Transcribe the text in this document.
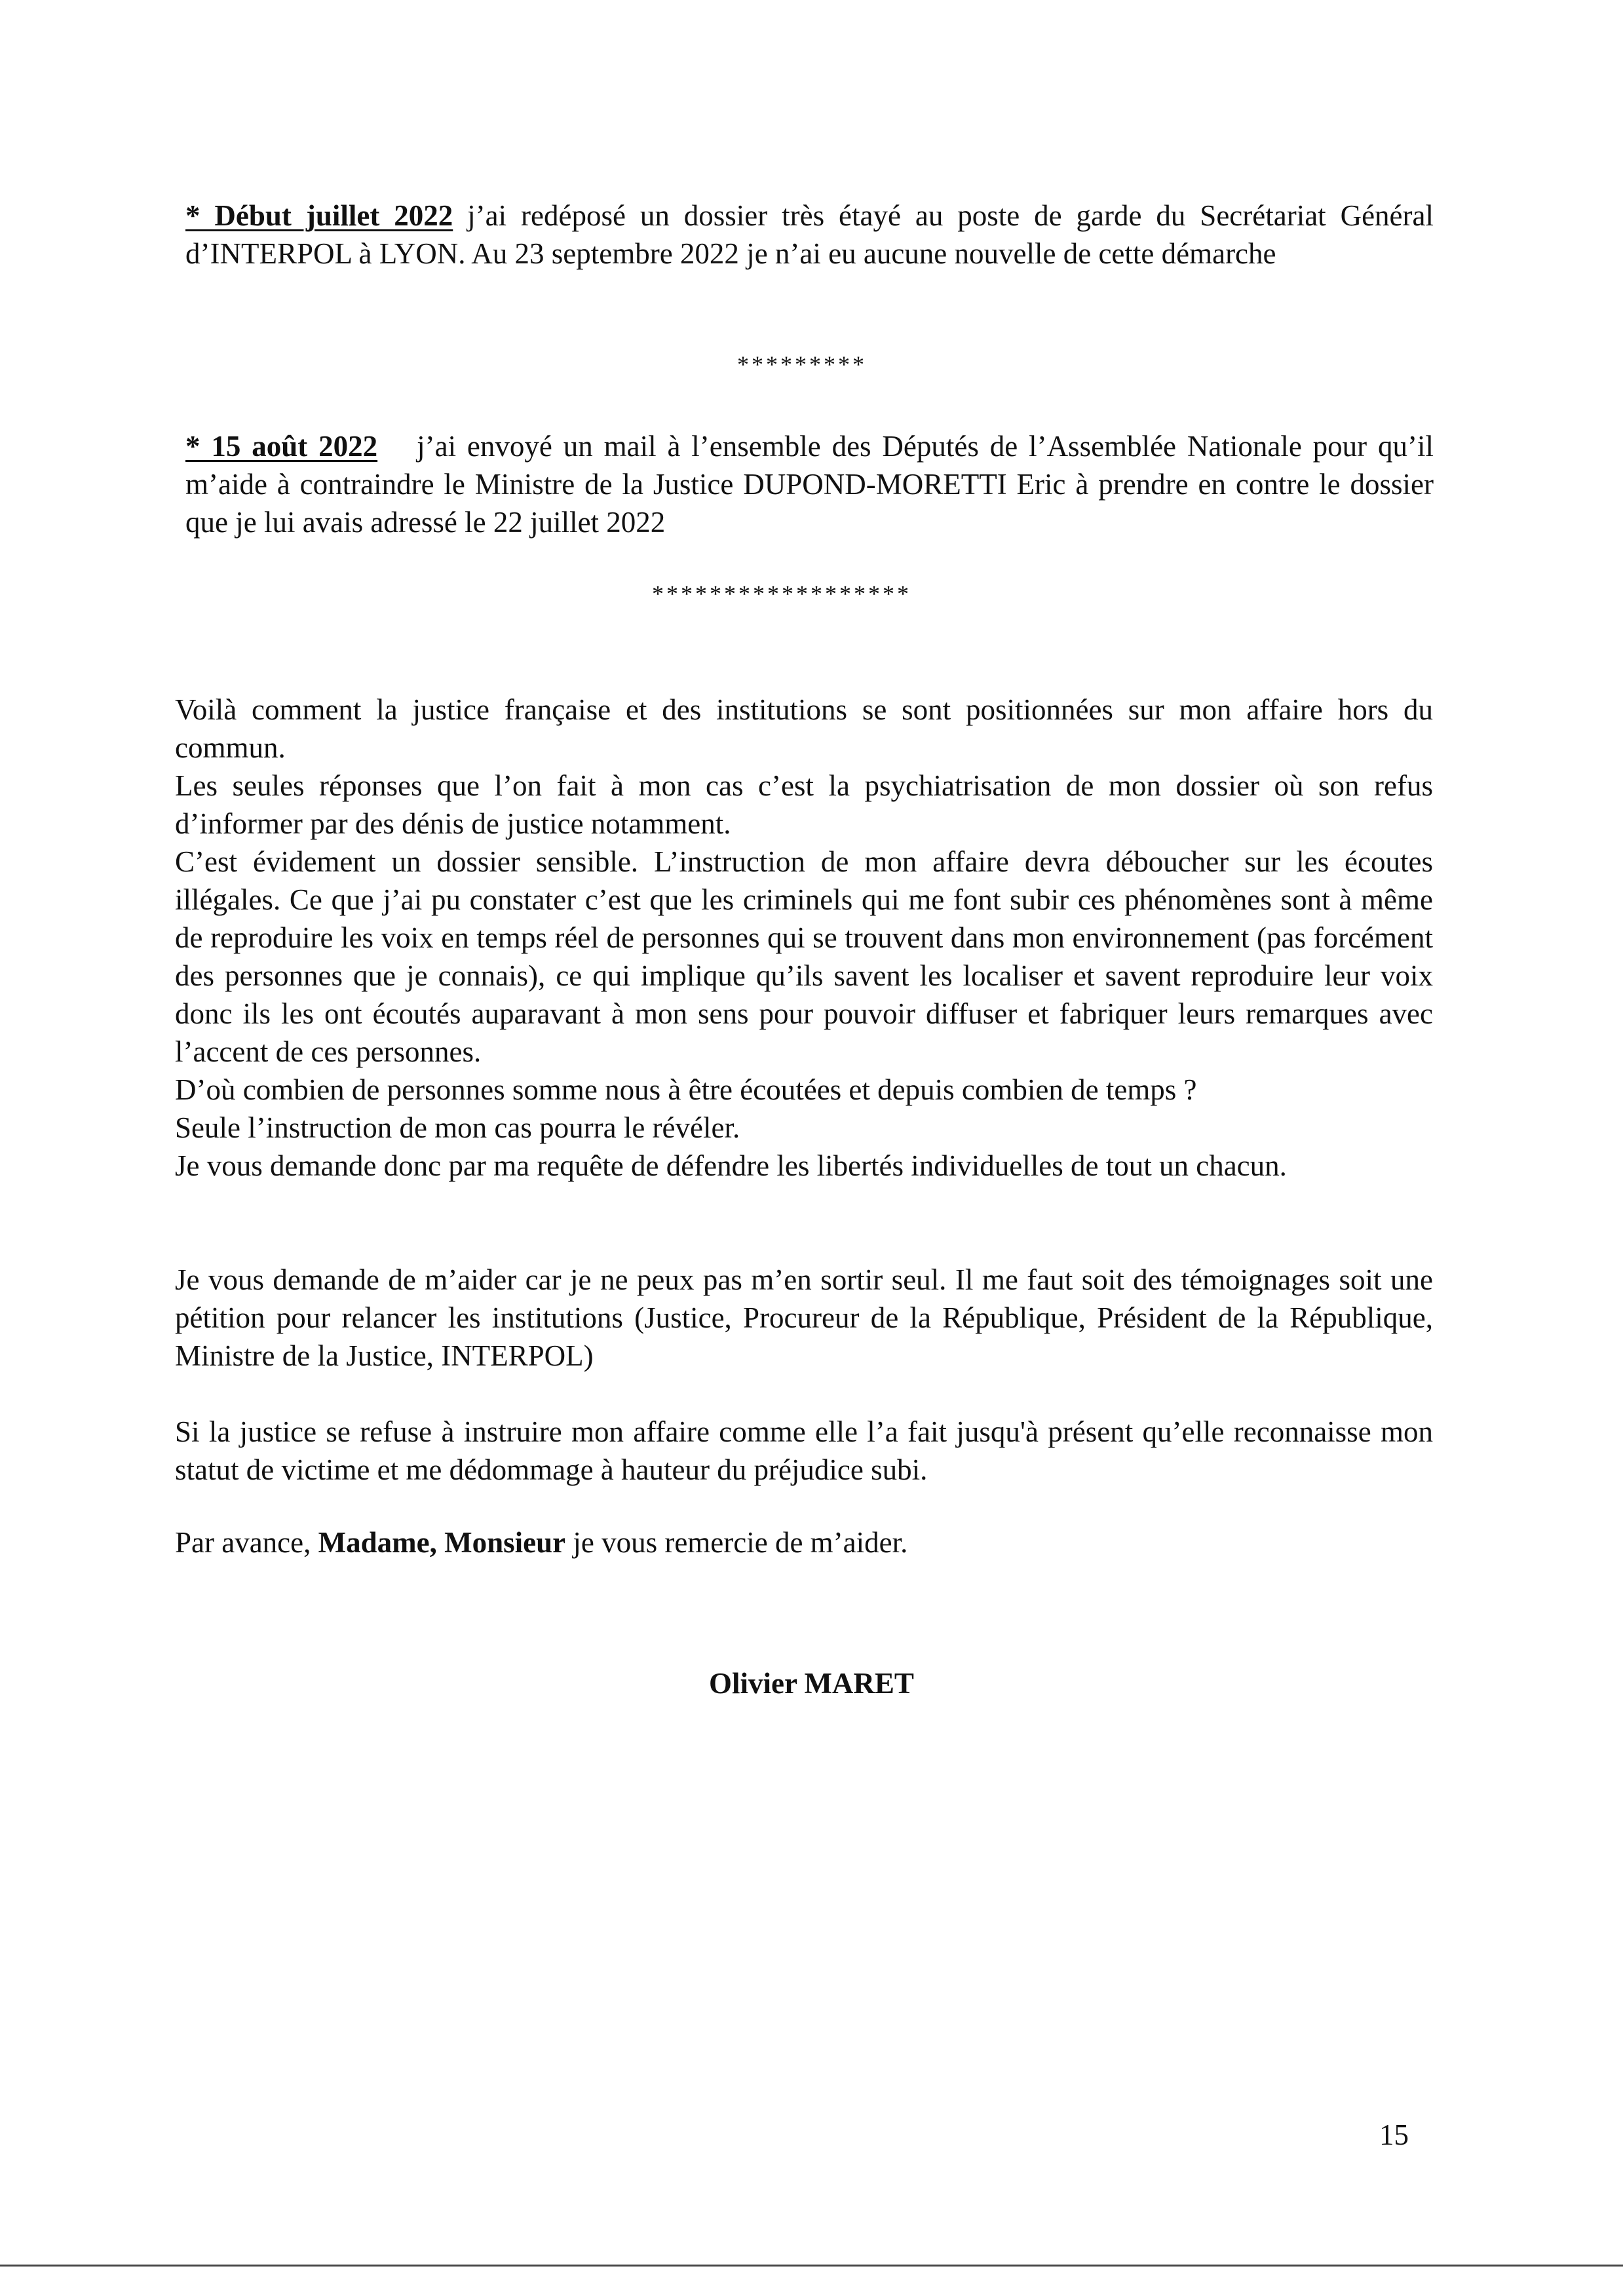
* Début juillet 2022 j’ai redéposé un dossier très étayé au poste de garde du Secrétariat Général d’INTERPOL à LYON. Au 23 septembre 2022 je n’ai eu aucune nouvelle de cette démarche

*********

* 15 août 2022 j’ai envoyé un mail à l’ensemble des Députés de l’Assemblée Nationale pour qu’il m’aide à contraindre le Ministre de la Justice DUPOND-MORETTI Eric à prendre en contre le dossier que je lui avais adressé le 22 juillet 2022

******************
Voilà comment la justice française et des institutions se sont positionnées sur mon affaire hors du commun.
Les seules réponses que l’on fait à mon cas c’est la psychiatrisation de mon dossier où son refus d’informer par des dénis de justice notamment.
C’est évidement un dossier sensible. L’instruction de mon affaire devra déboucher sur les écoutes illégales. Ce que j’ai pu constater c’est que les criminels qui me font subir ces phénomènes sont à même de reproduire les voix en temps réel de personnes qui se trouvent dans mon environnement (pas forcément des personnes que je connais), ce qui implique qu’ils savent les localiser et savent reproduire leur voix donc ils les ont écoutés auparavant à mon sens pour pouvoir diffuser et fabriquer leurs remarques avec l’accent de ces personnes.
D’où combien de personnes somme nous à être écoutées et depuis combien de temps ?
Seule l’instruction de mon cas pourra le révéler.
Je vous demande donc par ma requête de défendre les libertés individuelles de tout un chacun.
Je vous demande de m’aider car je ne peux pas m’en sortir seul. Il me faut soit des témoignages soit une pétition pour relancer les institutions (Justice, Procureur de la République, Président de la République, Ministre de la Justice, INTERPOL)
Si la justice se refuse à instruire mon affaire comme elle l’a fait jusqu'à présent qu’elle reconnaisse mon statut de victime et me dédommage à hauteur du préjudice subi.
Par avance, Madame, Monsieur je vous remercie de m’aider.
Olivier MARET
15
